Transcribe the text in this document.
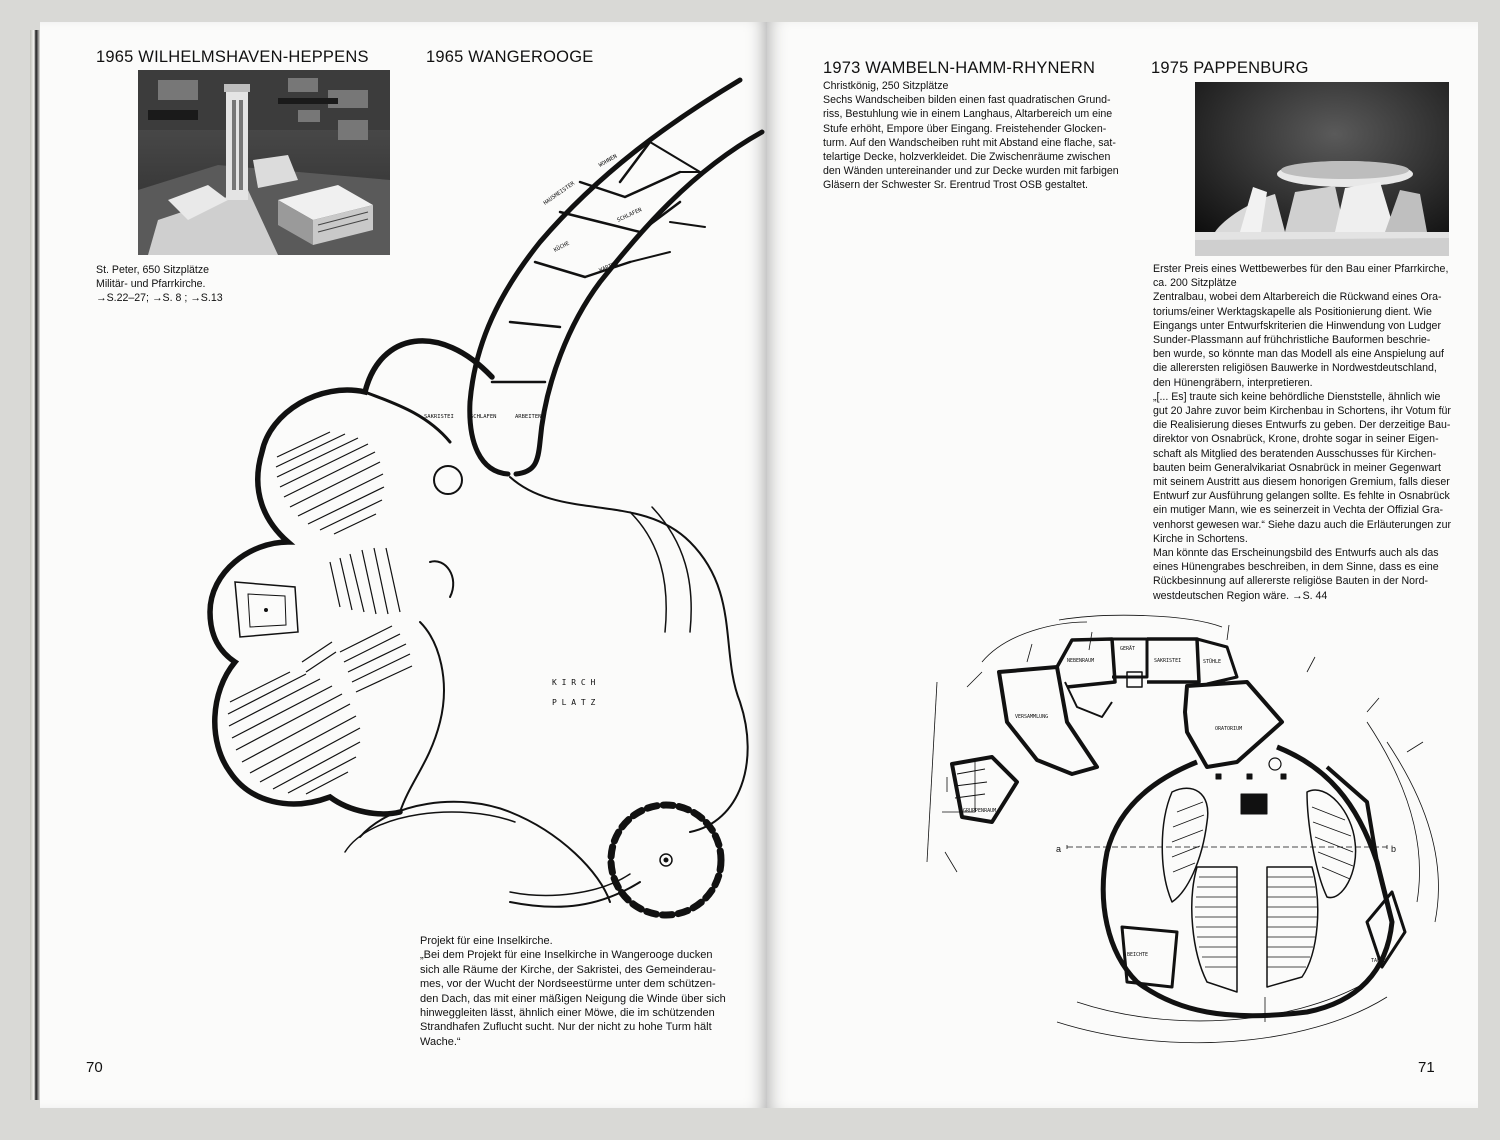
1965 WILHELMSHAVEN-HEPPENS	1965 WANGEROOGE
St. Peter, 650 Sitzplätze
Militär- und Pfarrkirche.
→S.22–27; →S. 8 ; →S.13
HAUSMEISTER
WOHNEN
KÜCHE
SCHLAFEN
WARTEN
SAKRISTEI	SCHLAFEN	ARBEITEN
K I R C H
P L A T Z
Projekt für eine Inselkirche.
„Bei dem Projekt für eine Inselkirche in Wangerooge ducken
sich alle Räume der Kirche, der Sakristei, des Gemeinderau-
mes, vor der Wucht der Nordseestürme unter dem schützen-
den Dach, das mit einer mäßigen Neigung die Winde über sich
hinweggleiten lässt, ähnlich einer Möwe, die im schützenden
Strandhafen Zuflucht sucht. Nur der nicht zu hohe Turm hält
Wache.“
70
1973 WAMBELN-HAMM-RHYNERN	1975 PAPPENBURG
Christkönig, 250 Sitzplätze
Sechs Wandscheiben bilden einen fast quadratischen Grund-
riss, Bestuhlung wie in einem Langhaus, Altarbereich um eine
Stufe erhöht, Empore über Eingang. Freistehender Glocken-
turm. Auf den Wandscheiben ruht mit Abstand eine flache, sat-
telartige Decke, holzverkleidet. Die Zwischenräume zwischen
den Wänden untereinander und zur Decke wurden mit farbigen
Gläsern der Schwester Sr. Erentrud Trost OSB gestaltet.
Erster Preis eines Wettbewerbes für den Bau einer Pfarrkirche,
ca. 200 Sitzplätze
Zentralbau, wobei dem Altarbereich die Rückwand eines Ora-
toriums/einer Werktagskapelle als Positionierung dient. Wie
Eingangs unter Entwurfskriterien die Hinwendung von Ludger
Sunder-Plassmann auf frühchristliche Bauformen beschrie-
ben wurde, so könnte man das Modell als eine Anspielung auf
die allerersten religiösen Bauwerke in Nordwestdeutschland,
den Hünengräbern, interpretieren.
„[... Es] traute sich keine behördliche Dienststelle, ähnlich wie
gut 20 Jahre zuvor beim Kirchenbau in Schortens, ihr Votum für
die Realisierung dieses Entwurfs zu geben. Der derzeitige Bau-
direktor von Osnabrück, Krone, drohte sogar in seiner Eigen-
schaft als Mitglied des beratenden Ausschusses für Kirchen-
bauten beim Generalvikariat Osnabrück in meiner Gegenwart
mit seinem Austritt aus diesem honorigen Gremium, falls dieser
Entwurf zur Ausführung gelangen sollte. Es fehlte in Osnabrück
ein mutiger Mann, wie es seinerzeit in Vechta der Offizial Gra-
venhorst gewesen war.“ Siehe dazu auch die Erläuterungen zur
Kirche in Schortens.
Man könnte das Erscheinungsbild des Entwurfs auch als das
eines Hünengrabes beschreiben, in dem Sinne, dass es eine
Rückbesinnung auf allererste religiöse Bauten in der Nord-
westdeutschen Region wäre. →S. 44
NEBENRAUM
GERÄT
SAKRISTEI	STÜHLE
VERSAMMLUNG
ORATORIUM
GRUPPENRAUM
BEICHTE
TAUFE
a	b
71
